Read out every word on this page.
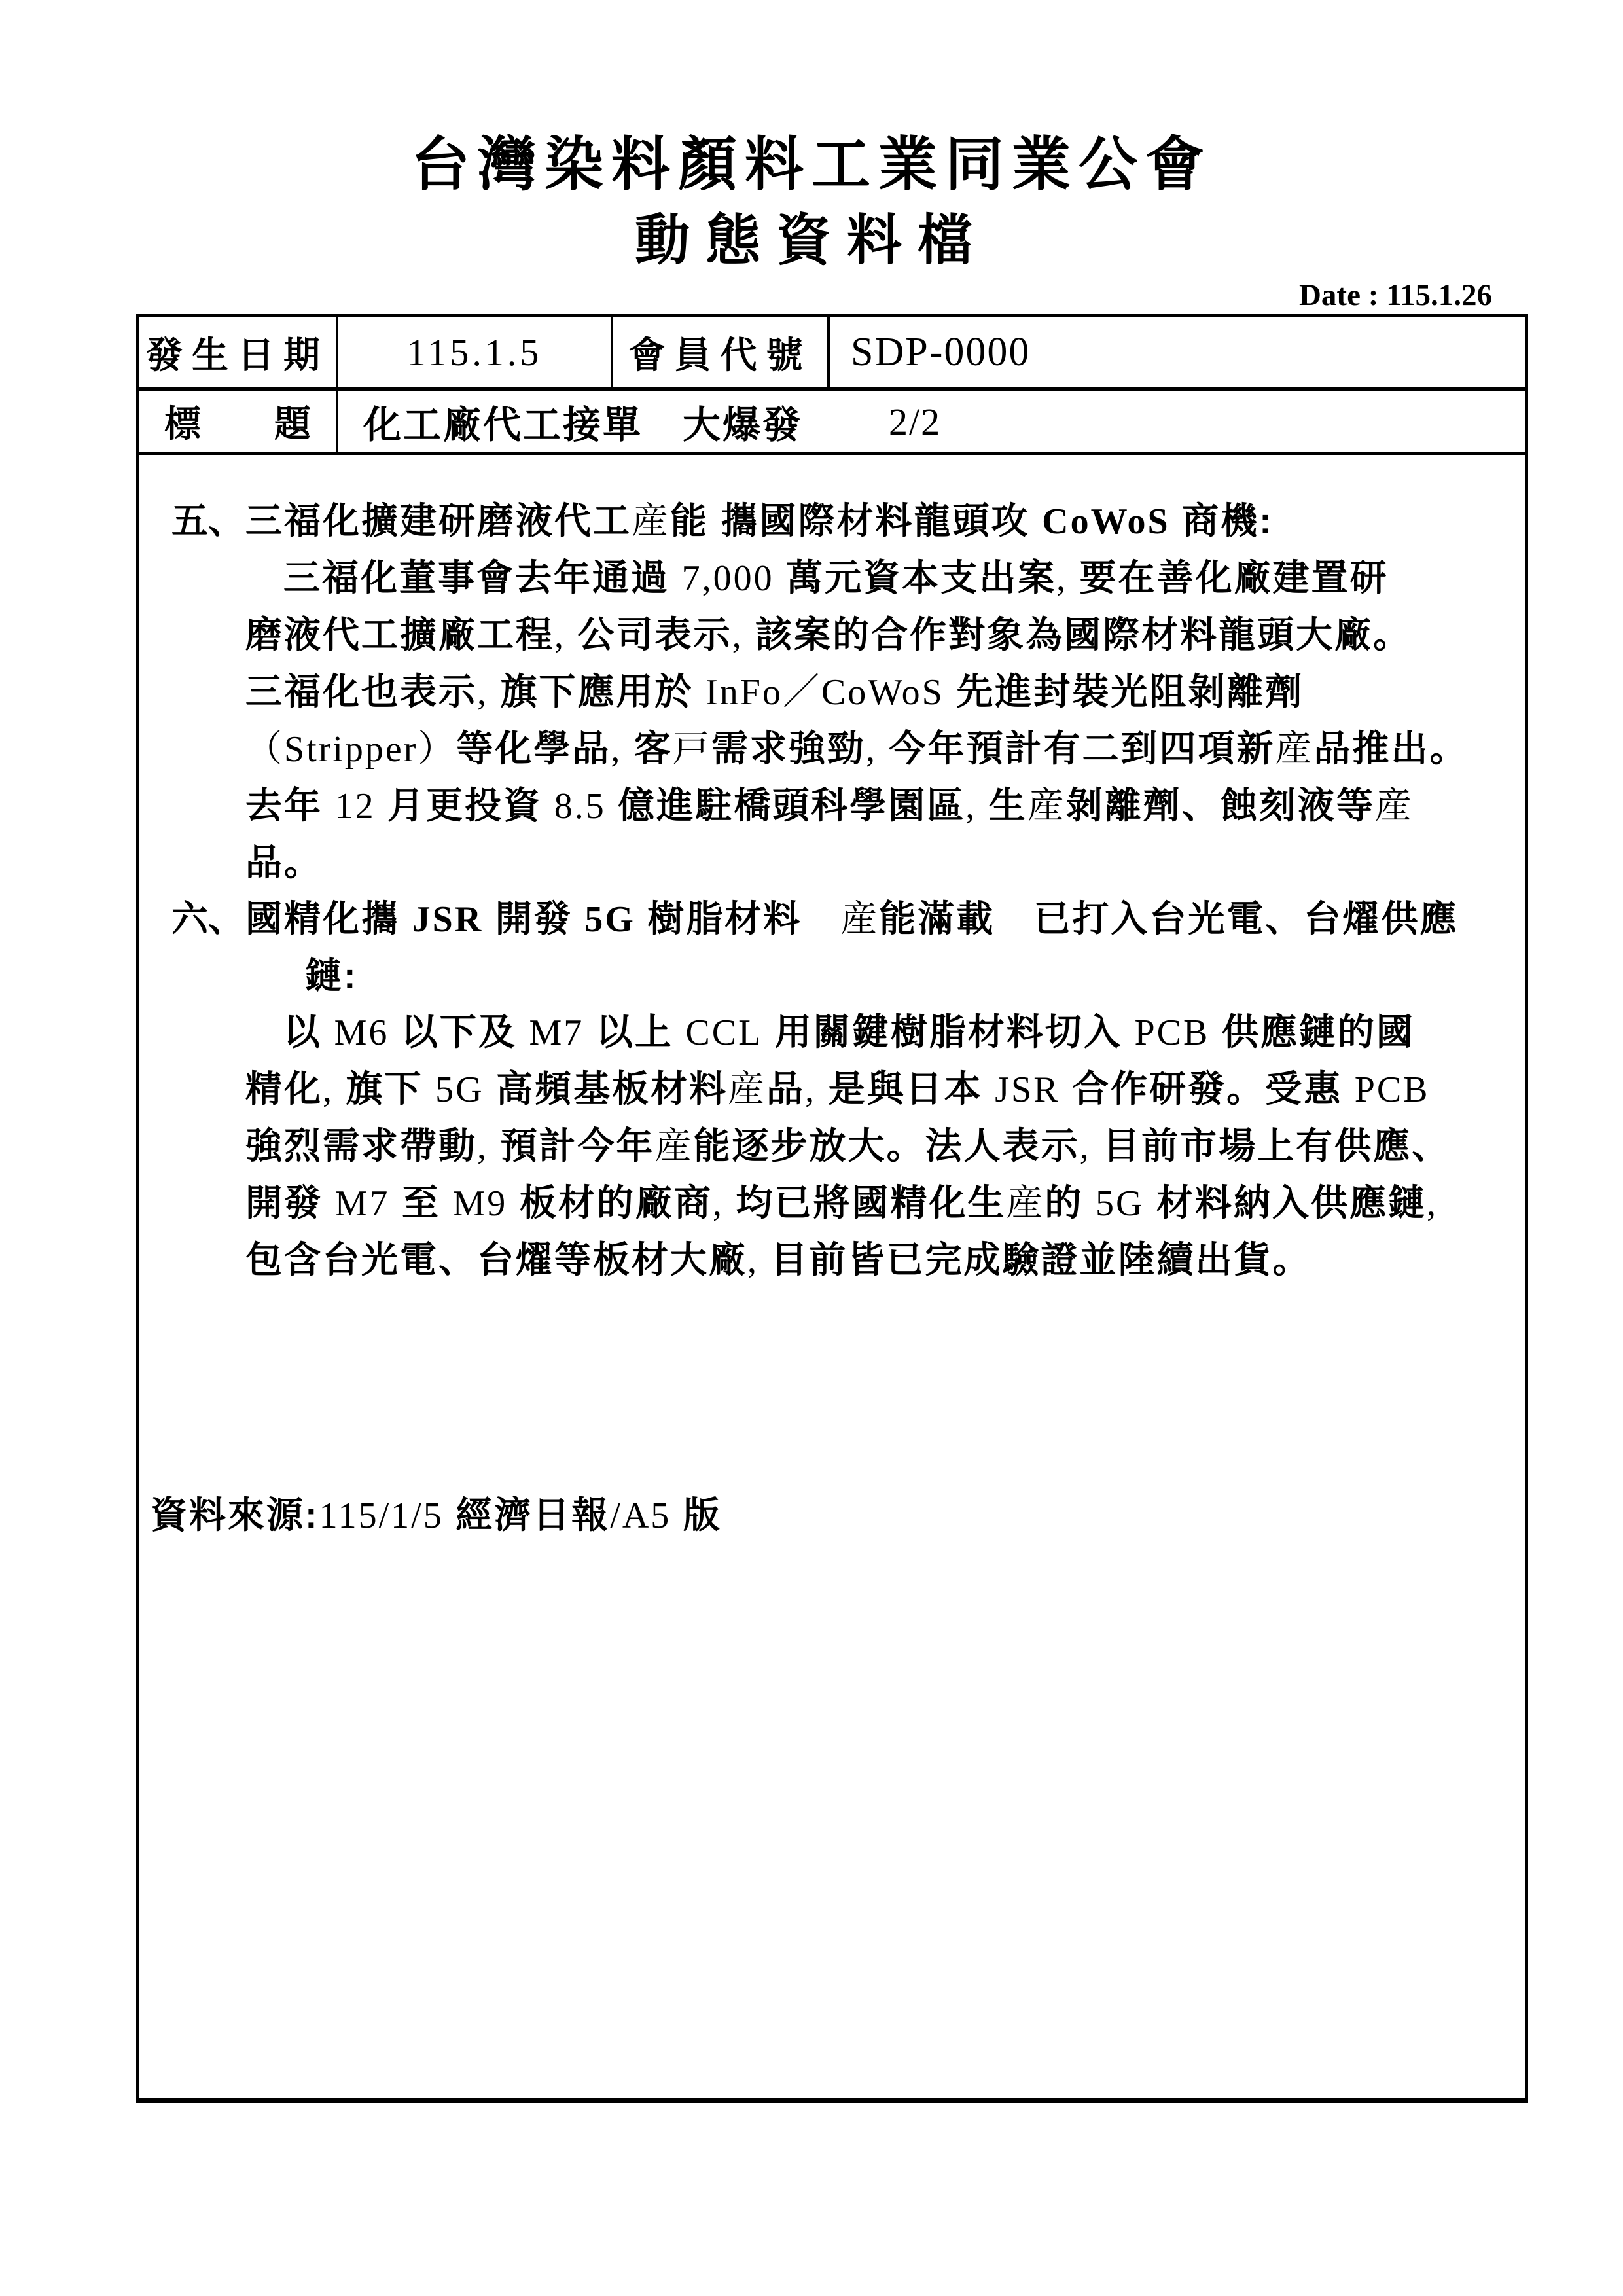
台灣染料顏料工業同業公會
動態資料檔
Date : 115.1.26
發生日期	115.1.5	會員代號 SDP-0000
標　　題	化工廠代工接單　大爆發 2/2
五、三福化擴建研磨液代工産能 攜國際材料龍頭攻 CoWoS 商機:
三福化董事會去年通過 7,000 萬元資本支出案, 要在善化廠建置研
磨液代工擴廠工程, 公司表示, 該案的合作對象為國際材料龍頭大廠。
三福化也表示, 旗下應用於 InFo／CoWoS 先進封裝光阻剝離劑
（Stripper）等化學品, 客戸需求強勁, 今年預計有二到四項新産品推出。
去年 12 月更投資 8.5 億進駐橋頭科學園區, 生産剝離劑、蝕刻液等産
品。
六、國精化攜 JSR 開發 5G 樹脂材料　産能滿載　已打入台光電、台燿供應
鏈:
以 M6 以下及 M7 以上 CCL 用關鍵樹脂材料切入 PCB 供應鏈的國
精化, 旗下 5G 高頻基板材料産品, 是與日本 JSR 合作研發。受惠 PCB
強烈需求帶動, 預計今年産能逐步放大。法人表示, 目前市場上有供應、
開發 M7 至 M9 板材的廠商, 均已將國精化生産的 5G 材料納入供應鏈,
包含台光電、台燿等板材大廠, 目前皆已完成驗證並陸續出貨。
資料來源:115/1/5 經濟日報/A5 版
